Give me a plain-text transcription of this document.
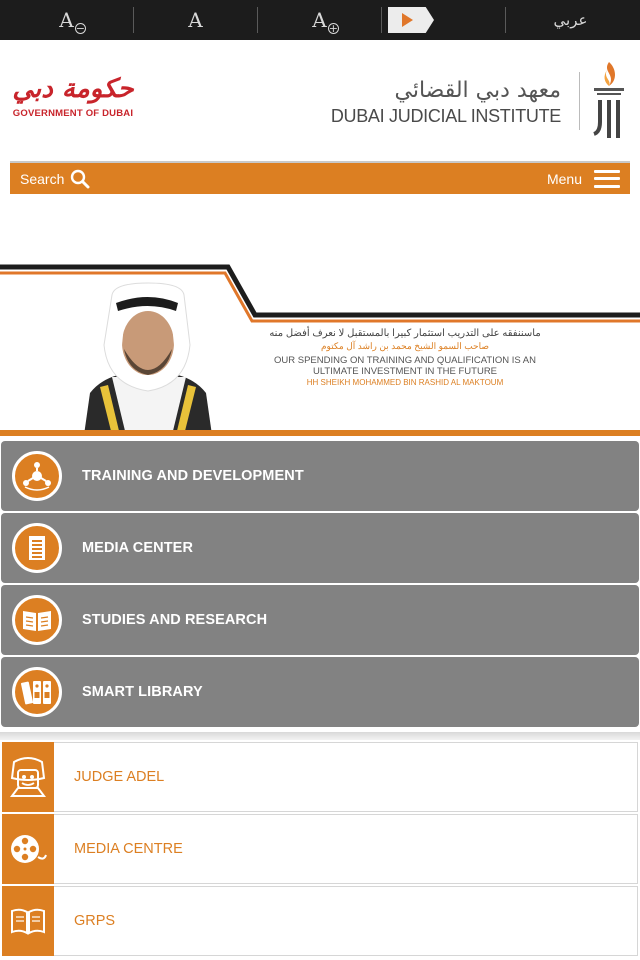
A −	A	A +	عربي
حكومة دبي
GOVERNMENT OF DUBAI
معهد دبي القضائي
DUBAI JUDICIAL INSTITUTE
Search	Menu
ماسننفقه على التدريب استثمار كبيرا بالمستقبل لا نعرف أفضل منه
صاحب السمو الشيخ محمد بن راشد آل مكتوم
OUR SPENDING ON TRAINING AND QUALIFICATION IS AN ULTIMATE INVESTMENT IN THE FUTURE
HH SHEIKH MOHAMMED BIN RASHID AL MAKTOUM
TRAINING AND DEVELOPMENT
MEDIA CENTER
STUDIES AND RESEARCH
SMART LIBRARY
JUDGE ADEL
MEDIA CENTRE
GRPS
